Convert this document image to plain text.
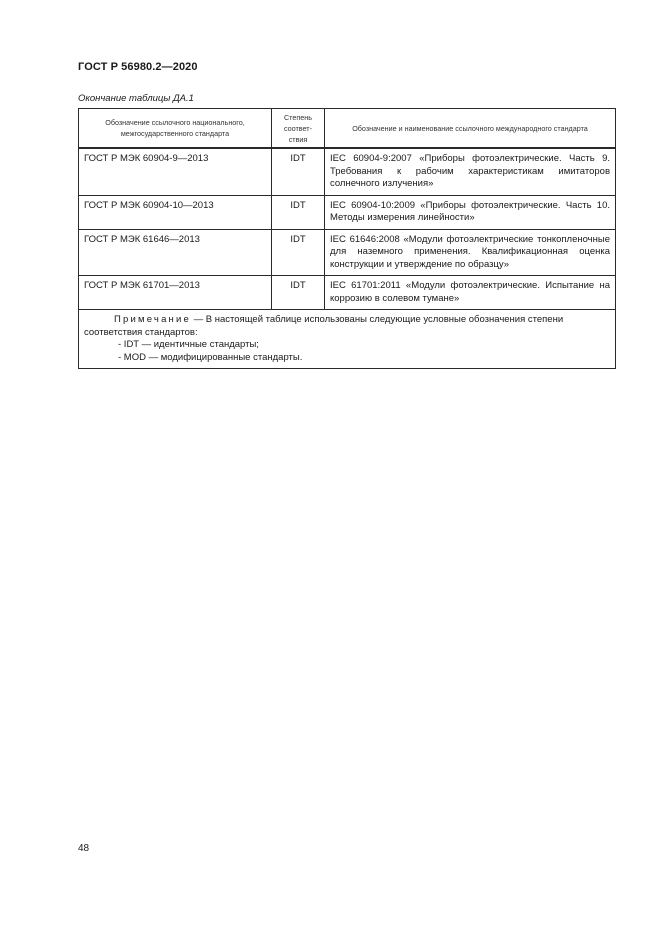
ГОСТ Р 56980.2—2020
Окончание таблицы ДА.1
Обозначение ссылочного национального, межгосударственного стандарта	Степень соответ-ствия	Обозначение и наименование ссылочного международного стандарта
ГОСТ Р МЭК 60904-9—2013	IDT	IEC 60904-9:2007 «Приборы фотоэлектрические. Часть 9. Требования к рабочим характеристикам имитаторов солнечного излучения»
ГОСТ Р МЭК 60904-10—2013	IDT	IEC 60904-10:2009 «Приборы фотоэлектрические. Часть 10. Методы измерения линейности»
ГОСТ Р МЭК 61646—2013	IDT	IEC 61646:2008 «Модули фотоэлектрические тонкопленочные для наземного применения. Квалификационная оценка конструкции и утверждение по образцу»
ГОСТ Р МЭК 61701—2013	IDT	IEC 61701:2011 «Модули фотоэлектрические. Испытание на коррозию в солевом тумане»

Примечание — В настоящей таблице использованы следующие условные обозначения степени соответствия стандартов:
- IDT — идентичные стандарты;
- MOD — модифицированные стандарты.		
48
